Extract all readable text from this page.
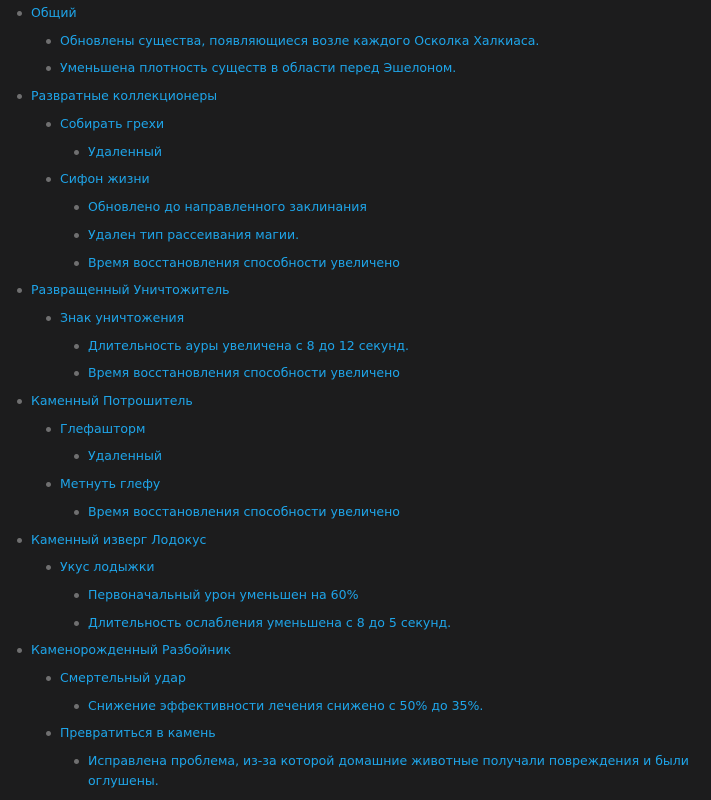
Общий
Обновлены существа, появляющиеся возле каждого Осколка Халкиаса.
Уменьшена плотность существ в области перед Эшелоном.
Развратные коллекционеры
Собирать грехи
Удаленный
Сифон жизни
Обновлено до направленного заклинания
Удален тип рассеивания магии.
Время восстановления способности увеличено
Развращенный Уничтожитель
Знак уничтожения
Длительность ауры увеличена с 8 до 12 секунд.
Время восстановления способности увеличено
Каменный Потрошитель
Глефашторм
Удаленный
Метнуть глефу
Время восстановления способности увеличено
Каменный изверг Лодокус
Укус лодыжки
Первоначальный урон уменьшен на 60%
Длительность ослабления уменьшена с 8 до 5 секунд.
Каменорожденный Разбойник
Смертельный удар
Снижение эффективности лечения снижено с 50% до 35%.
Превратиться в камень
Исправлена проблема, из-за которой домашние животные получали повреждения и были оглушены.
